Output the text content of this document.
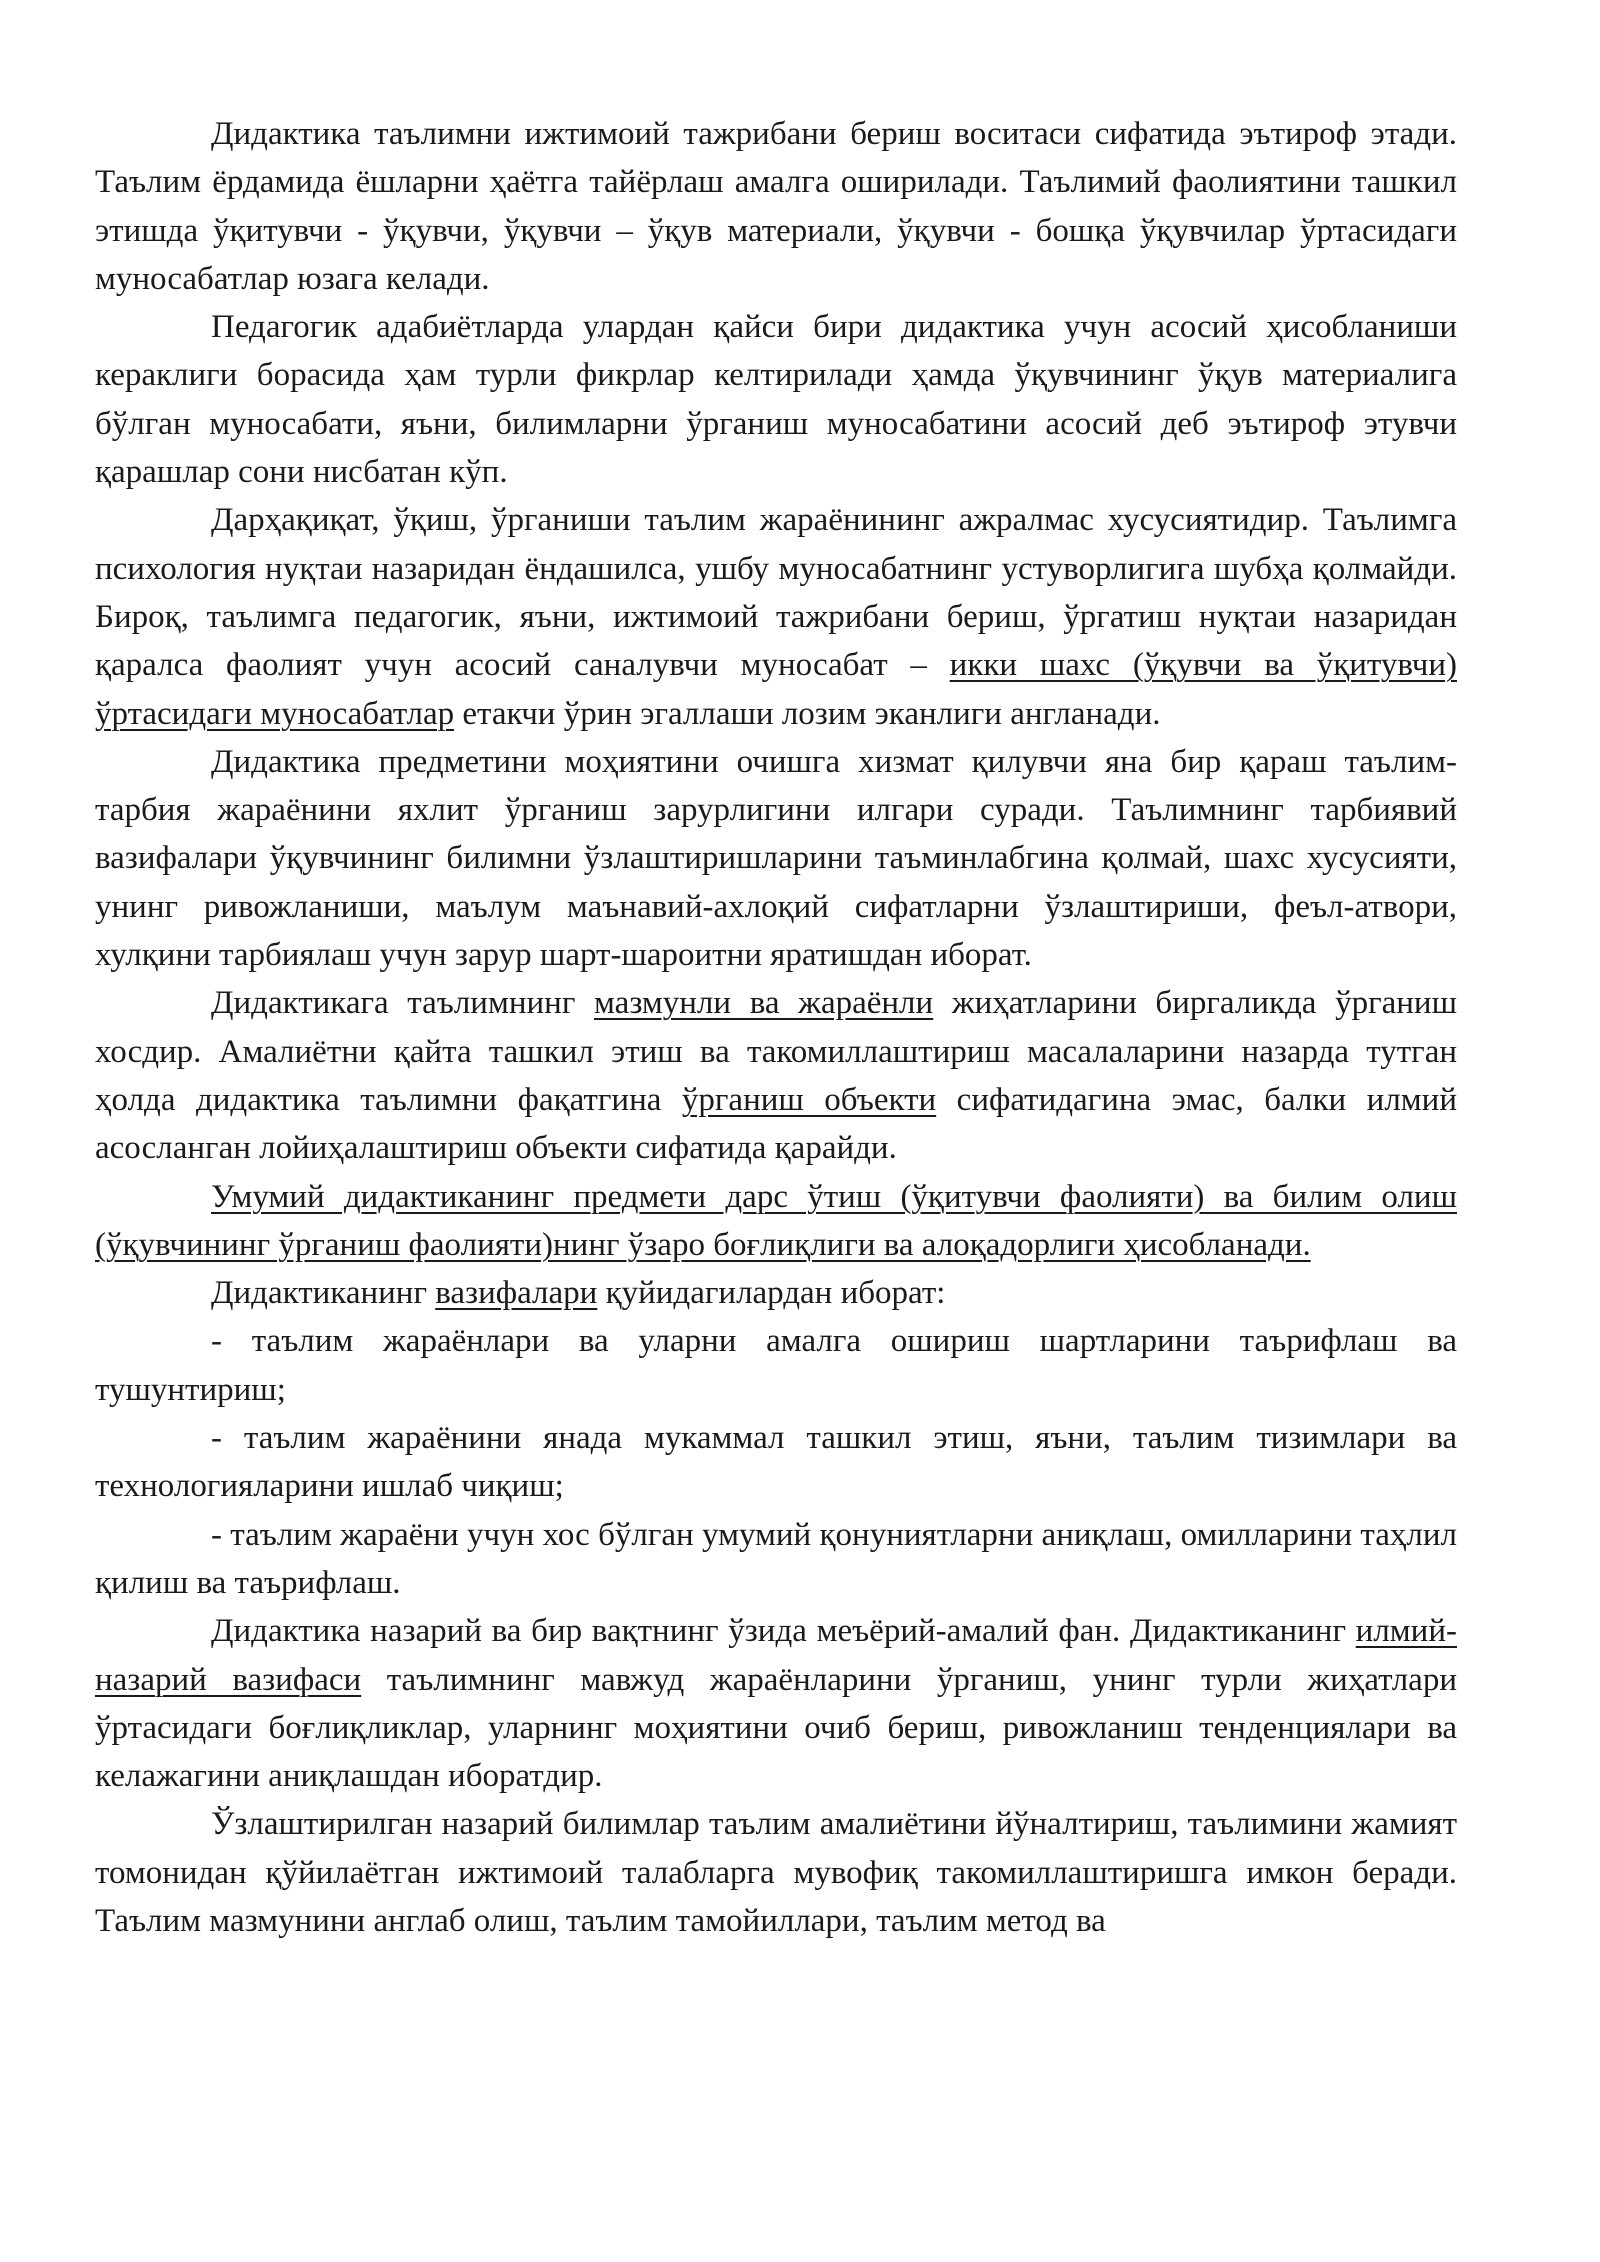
Дидактика таълимни ижтимоий тажрибани бериш воситаси сифатида эътироф этади. Таълим ёрдамида ёшларни ҳаётга тайёрлаш амалга оширилади. Таълимий фаолиятини ташкил этишда ўқитувчи - ўқувчи, ўқувчи – ўқув материали, ўқувчи - бошқа ўқувчилар ўртасидаги муносабатлар юзага келади.

Педагогик адабиётларда улардан қайси бири дидактика учун асосий ҳисобланиши кераклиги борасида ҳам турли фикрлар келтирилади ҳамда ўқувчининг ўқув материалига бўлган муносабати, яъни, билимларни ўрганиш муносабатини асосий деб эътироф этувчи қарашлар сони нисбатан кўп.

Дарҳақиқат, ўқиш, ўрганиши таълим жараёнининг ажралмас хусусиятидир. Таълимга психология нуқтаи назаридан ёндашилса, ушбу муносабатнинг устуворлигига шубҳа қолмайди. Бироқ, таълимга педагогик, яъни, ижтимоий тажрибани бериш, ўргатиш нуқтаи назаридан қаралса фаолият учун асосий саналувчи муносабат – икки шахс (ўқувчи ва ўқитувчи) ўртасидаги муносабатлар етакчи ўрин эгаллаши лозим эканлиги англанади.

Дидактика предметини моҳиятини очишга хизмат қилувчи яна бир қараш таълим-тарбия жараёнини яхлит ўрганиш зарурлигини илгари суради. Таълимнинг тарбиявий вазифалари ўқувчининг билимни ўзлаштиришларини таъминлабгина қолмай, шахс хусусияти, унинг ривожланиши, маълум маънавий-ахлоқий сифатларни ўзлаштириши, феъл-атвори, хулқини тарбиялаш учун зарур шарт-шароитни яратишдан иборат.

Дидактикага таълимнинг мазмунли ва жараёнли жиҳатларини биргаликда ўрганиш хосдир. Амалиётни қайта ташкил этиш ва такомиллаштириш масалаларини назарда тутган ҳолда дидактика таълимни фақатгина ўрганиш объекти сифатидагина эмас, балки илмий асосланган лойиҳалаштириш объекти сифатида қарайди.

Умумий дидактиканинг предмети дарс ўтиш (ўқитувчи фаолияти) ва билим олиш (ўқувчининг ўрганиш фаолияти)нинг ўзаро боғлиқлиги ва алоқадорлиги ҳисобланади.

Дидактиканинг вазифалари қуйидагилардан иборат:

- таълим жараёнлари ва уларни амалга ошириш шартларини таърифлаш ва тушунтириш;

- таълим жараёнини янада мукаммал ташкил этиш, яъни, таълим тизимлари ва технологияларини ишлаб чиқиш;

- таълим жараёни учун хос бўлган умумий қонуниятларни аниқлаш, омилларини таҳлил қилиш ва таърифлаш.

Дидактика назарий ва бир вақтнинг ўзида меъёрий-амалий фан. Дидактиканинг илмий-назарий вазифаси таълимнинг мавжуд жараёнларини ўрганиш, унинг турли жиҳатлари ўртасидаги боғлиқликлар, уларнинг моҳиятини очиб бериш, ривожланиш тенденциялари ва келажагини аниқлашдан иборатдир.

Ўзлаштирилган назарий билимлар таълим амалиётини йўналтириш, таълимини жамият томонидан қўйилаётган ижтимоий талабларга мувофиқ такомиллаштиришга имкон беради. Таълим мазмунини англаб олиш, таълим тамойиллари, таълим метод ва
